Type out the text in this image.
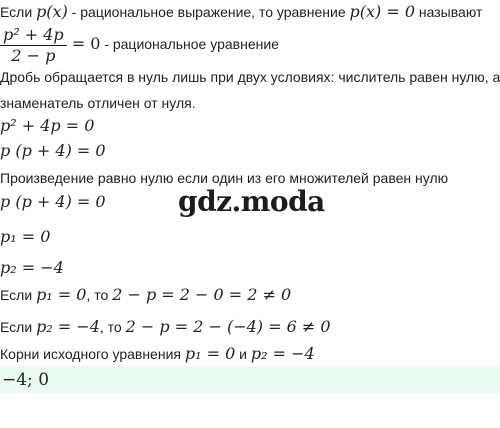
Если p(x) - рациональное выражение, то уравнение p(x) = 0 называют
$\frac{\text{p² + 4p}}{2 - p} = 0$ - рациональное уравнение
Дробь обращается в нуль лишь при двух условиях: числитель равен нулю, а
знаменатель отличен от нуля.
p² + 4p = 0
p (p + 4) = 0
Произведение равно нулю если один из его множителей равен нулю
p (p + 4) = 0	gdz.moda
p₁ = 0
p₂ = −4
Если p₁ = 0, то 2 − p = 2 − 0 = 2 ≠ 0
Если p₂ = −4, то 2 − p = 2 − (−4) = 6 ≠ 0
Корни исходного уравнения p₁ = 0 и p₂ = −4
−4; 0
